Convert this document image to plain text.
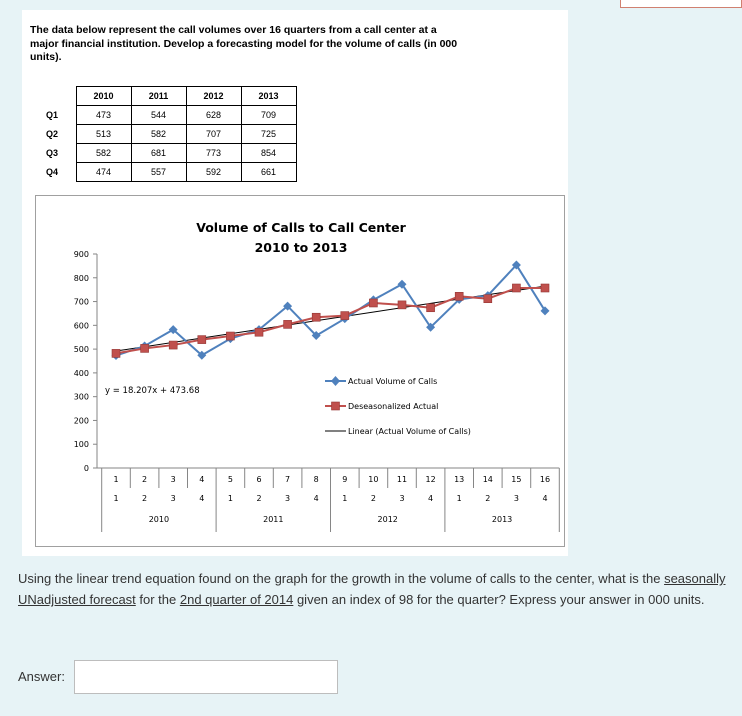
The data below represent the call volumes over 16 quarters from a call center at a major financial institution. Develop a forecasting model for the volume of calls (in 000 units).
	2010	2011	2012	2013
Q1	473	544	628	709
Q2	513	582	707	725
Q3	582	681	773	854
Q4	474	557	592	661
Volume of Calls to Call Center
2010 to 2013
0
100
200
300
400
500
600
700
800
900
1	2	3	4	5	6	7	8	9	10 11 12 13 14 15 16
1	2	3	4	1	2	3	4	1	2	3	4	1	2	3	4
2010	2011	2012	2013
y = 18.207x + 473.68
Actual Volume of Calls
Deseasonalized Actual
Linear (Actual Volume of Calls)
Using the linear trend equation found on the graph for the growth in the volume of calls to the center, what is the seasonally UNadjusted forecast for the 2nd quarter of 2014 given an index of 98 for the quarter? Express your answer in 000 units.
Answer:
